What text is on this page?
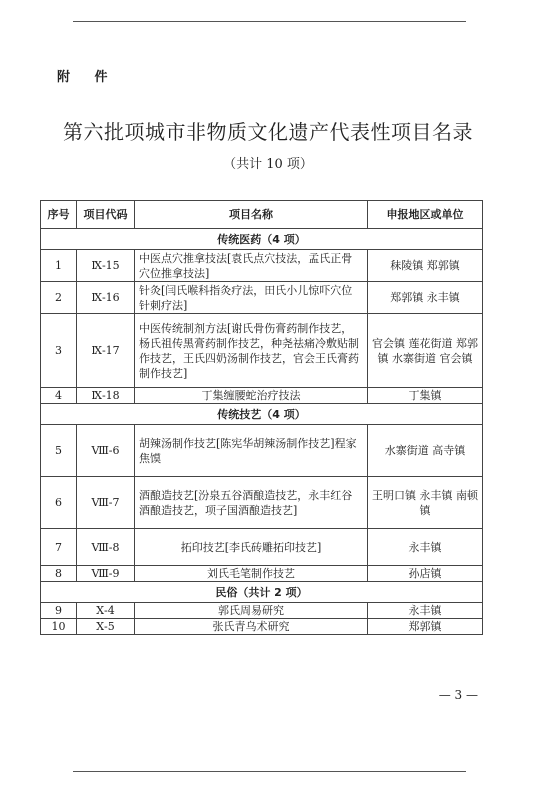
附 件
第六批项城市非物质文化遗产代表性项目名录
（共计 10 项）
序号	项目代码	项目名称	申报地区或单位
传统医药（4 项）			
1	Ⅸ-15	中医点穴推拿技法[袁氏点穴技法，孟氏正骨穴位推拿技法]	秣陵镇 郑郭镇
2	Ⅸ-16	针灸[闫氏喉科指灸疗法，田氏小儿惊吓穴位针刺疗法]	郑郭镇 永丰镇
3	Ⅸ-17	中医传统制剂方法[谢氏骨伤膏药制作技艺，杨氏祖传黑膏药制作技艺，种尧祛痛冷敷贴制作技艺，王氏四奶汤制作技艺，官会王氏膏药制作技艺]	官会镇 莲花街道 郑郭镇 水寨街道 官会镇
4	Ⅸ-18	丁集缠腰蛇治疗技法	丁集镇
传统技艺（4 项）			
5	Ⅷ-6	胡辣汤制作技艺[陈宪华胡辣汤制作技艺]程家焦馍	水寨街道 高寺镇
6	Ⅷ-7	酒酿造技艺[汾泉五谷酒酿造技艺，永丰红谷酒酿造技艺，项子国酒酿造技艺]	王明口镇 永丰镇 南顿镇
7	Ⅷ-8	拓印技艺[李氏砖雕拓印技艺]	永丰镇
8	Ⅷ-9	刘氏毛笔制作技艺	孙店镇
民俗（共计 2 项）			
9	Ⅹ-4	郭氏周易研究	永丰镇
10	Ⅹ-5	张氏青乌术研究	郑郭镇
— 3 —
